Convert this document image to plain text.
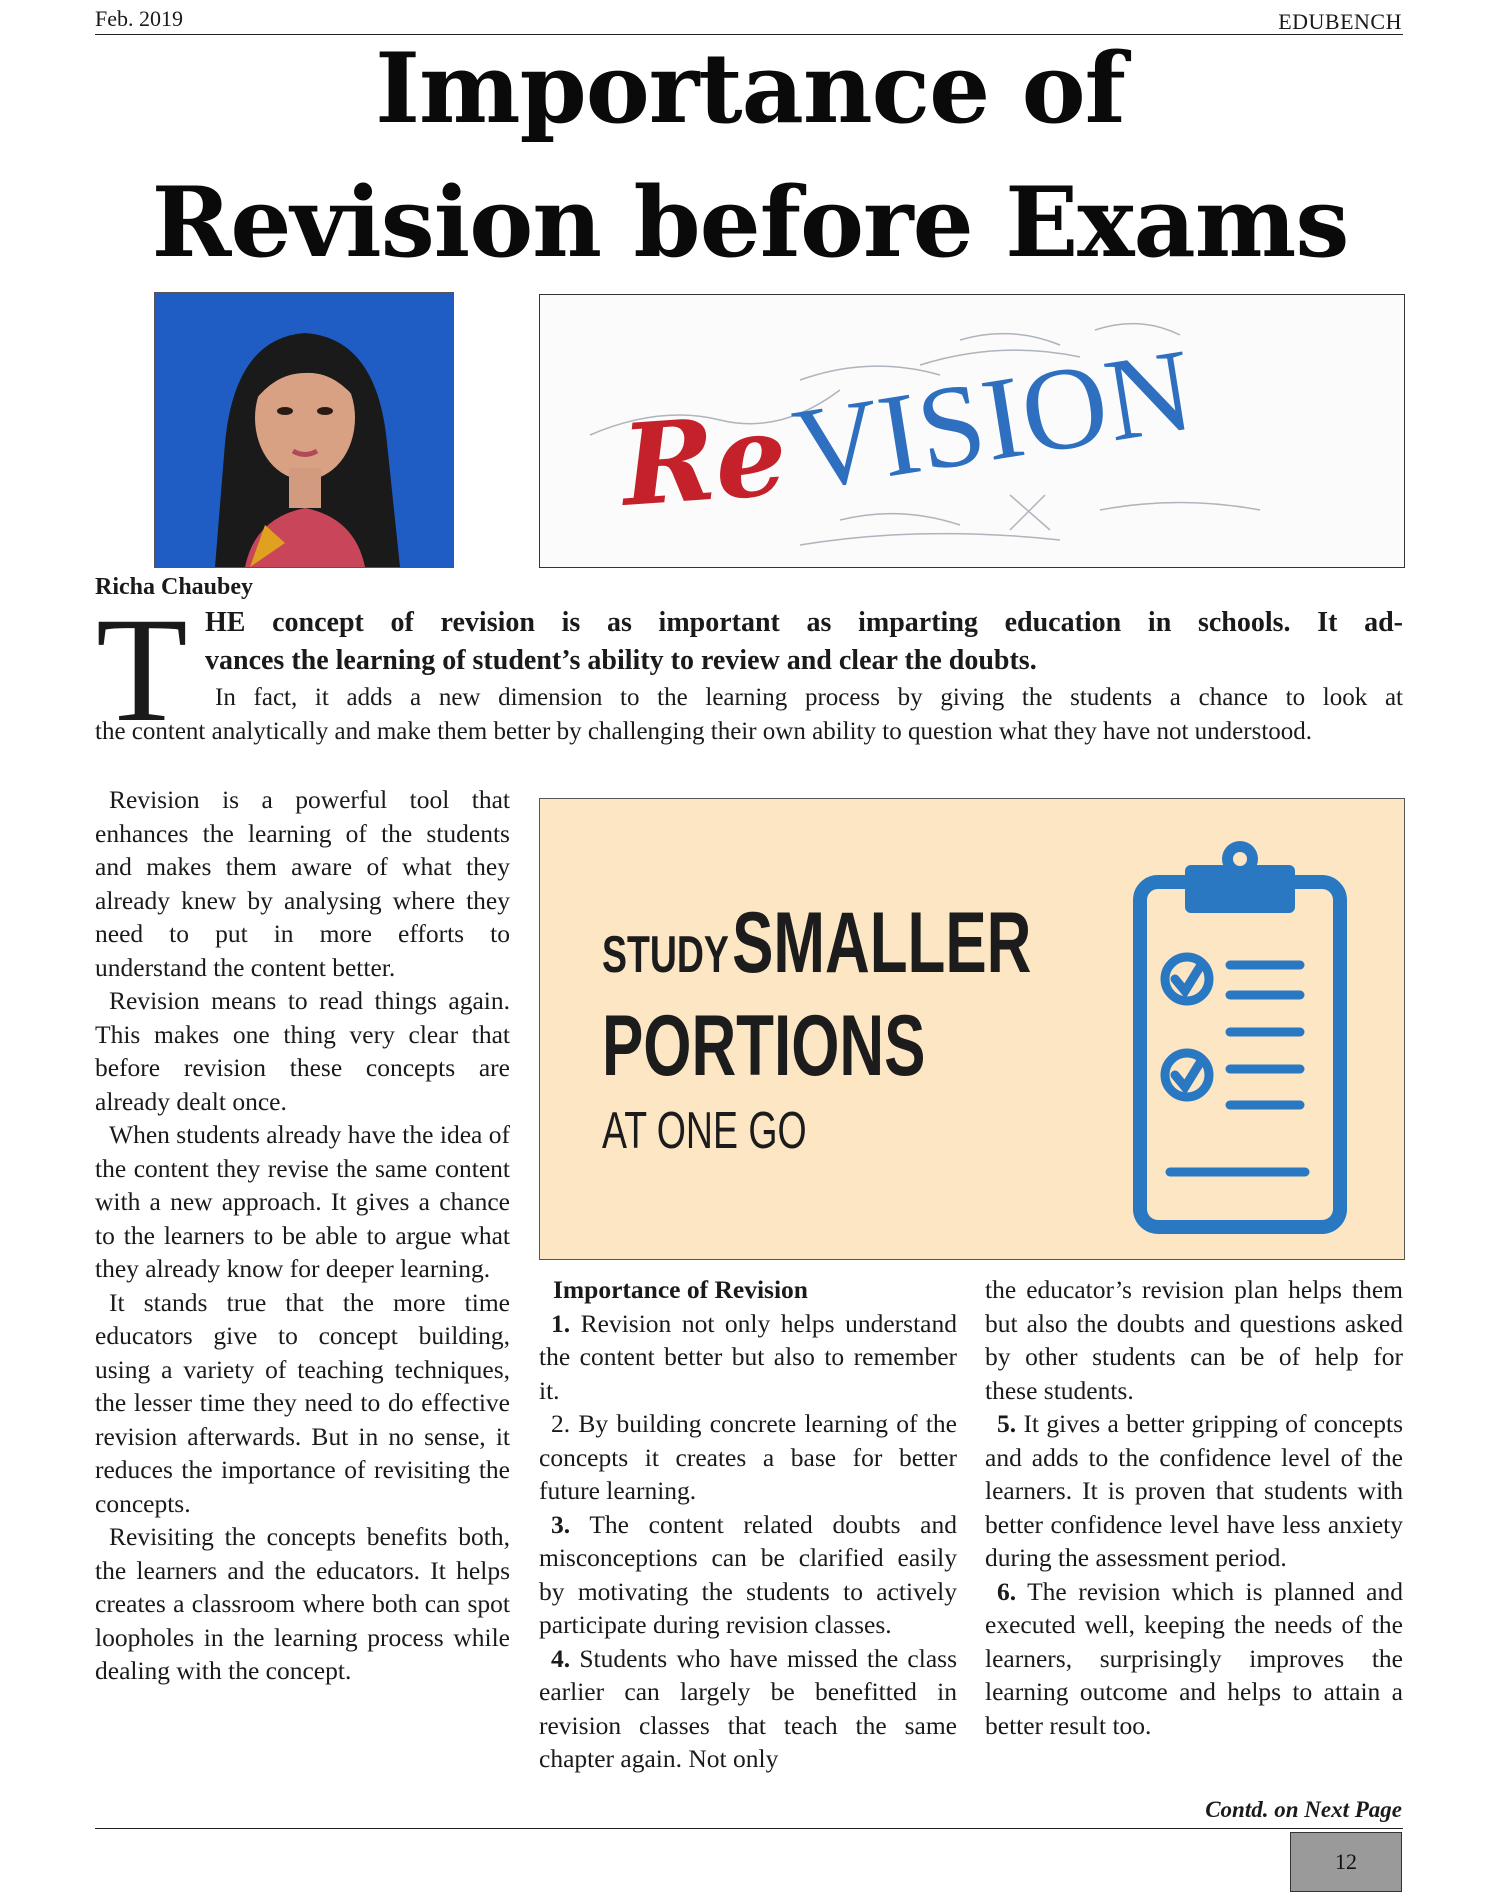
Feb. 2019	EDUBENCH
Importance of
Revision before Exams
Re
VISION
Richa Chaubey
T HE concept of revision is as important as imparting education in schools. It ad-
vances the learning of student’s ability to review and clear the doubts.
In fact, it adds a new dimension to the learning process by giving the students a chance to look at
the content analytically and make them better by challenging their own ability to question what they have not understood.

Revision is a powerful tool that enhances the learning of the students and makes them aware of what they already knew by analysing where they need to put in more efforts to understand the content better.

Revision means to read things again. This makes one thing very clear that before revision these concepts are already dealt once.

When students already have the idea of the content they revise the same content with a new approach. It gives a chance to the learners to be able to argue what they already know for deeper learning.

It stands true that the more time educators give to concept building, using a variety of teaching techniques, the lesser time they need to do effective revision afterwards. But in no sense, it reduces the importance of revisiting the concepts.

Revisiting the concepts benefits both, the learners and the educators. It helps creates a classroom where both can spot loopholes in the learning process while dealing with the concept.

STUDY SMALLER
PORTIONS
AT ONE GO

Importance of Revision

1. Revision not only helps understand the content better but also to remember it.

2. By building concrete learning of the concepts it creates a base for better future learning.

3. The content related doubts and misconceptions can be clarified easily by motivating the students to actively participate during revision classes.

4. Students who have missed the class earlier can largely be benefitted in revision classes that teach the same chapter again. Not only

the educator’s revision plan helps them but also the doubts and questions asked by other students can be of help for these students.

5. It gives a better gripping of concepts and adds to the confidence level of the learners. It is proven that students with better confidence level have less anxiety during the assessment period.

6. The revision which is planned and executed well, keeping the needs of the learners, surprisingly improves the learning outcome and helps to attain a better result too.

Contd. on Next Page
12
